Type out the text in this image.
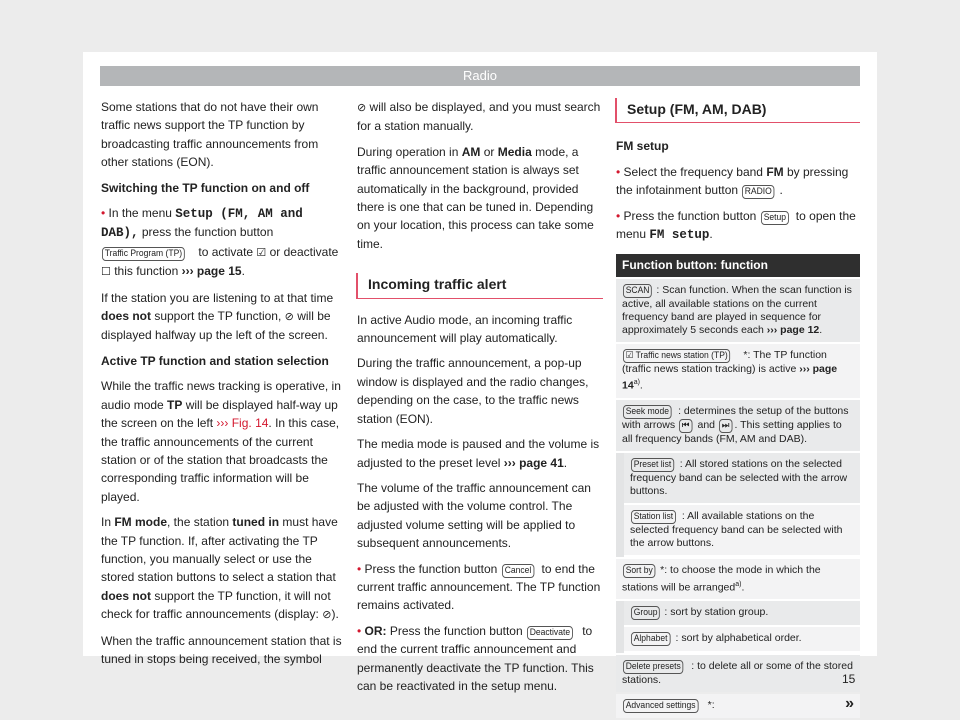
Radio

Some stations that do not have their own traffic news support the TP function by broadcasting traffic announcements from other stations (EON).

Switching the TP function on and off

• In the menu Setup (FM, AM and DAB), press the function button Traffic Program (TP) to activate ☑ or deactivate ☐ this function ››› page 15.

If the station you are listening to at that time does not support the TP function, ⊘ will be displayed halfway up the left of the screen.

Active TP function and station selection

While the traffic news tracking is operative, in audio mode TP will be displayed half-way up the screen on the left ››› Fig. 14. In this case, the traffic announcements of the current station or of the station that broadcasts the corresponding traffic information will be played.

In FM mode, the station tuned in must have the TP function. If, after activating the TP function, you manually select or use the stored station buttons to select a station that does not support the TP function, it will not check for traffic announcements (display: ⊘).

When the traffic announcement station that is tuned in stops being received, the symbol

⊘ will also be displayed, and you must search for a station manually.

During operation in AM or Media mode, a traffic announcement station is always set automatically in the background, provided there is one that can be tuned in. Depending on your location, this process can take some time.

Incoming traffic alert

In active Audio mode, an incoming traffic announcement will play automatically.

During the traffic announcement, a pop-up window is displayed and the radio changes, depending on the case, to the traffic news station (EON).

The media mode is paused and the volume is adjusted to the preset level ››› page 41.

The volume of the traffic announcement can be adjusted with the volume control. The adjusted volume setting will be applied to subsequent announcements.

• Press the function button Cancel to end the current traffic announcement. The TP function remains activated.

• OR: Press the function button Deactivate to end the current traffic announcement and permanently deactivate the TP function. This can be reactivated in the setup menu.

Setup (FM, AM, DAB)

FM setup

• Select the frequency band FM by pressing the infotainment button RADIO .

• Press the function button Setup to open the menu FM setup.

Function button: function
SCAN : Scan function. When the scan function is active, all available stations on the current frequency band are played in sequence for approximately 5 seconds each ››› page 12.
☑ Traffic news station (TP) *: The TP function (traffic news station tracking) is active ››› page 14$^{a)}$.
Seek mode : determines the setup of the buttons with arrows ⏮ and ⏭ . This setting applies to all frequency bands (FM, AM and DAB).
Preset list : All stored stations on the selected frequency band can be selected with the arrow buttons.
Station list : All available stations on the selected frequency band can be selected with the arrow buttons.
Sort by *: to choose the mode in which the stations will be arranged$^{a)}$.
Group : sort by station group.
Alphabet : sort by alphabetical order.
Delete presets : to delete all or some of the stored stations.
»
Advanced settings *:
15
